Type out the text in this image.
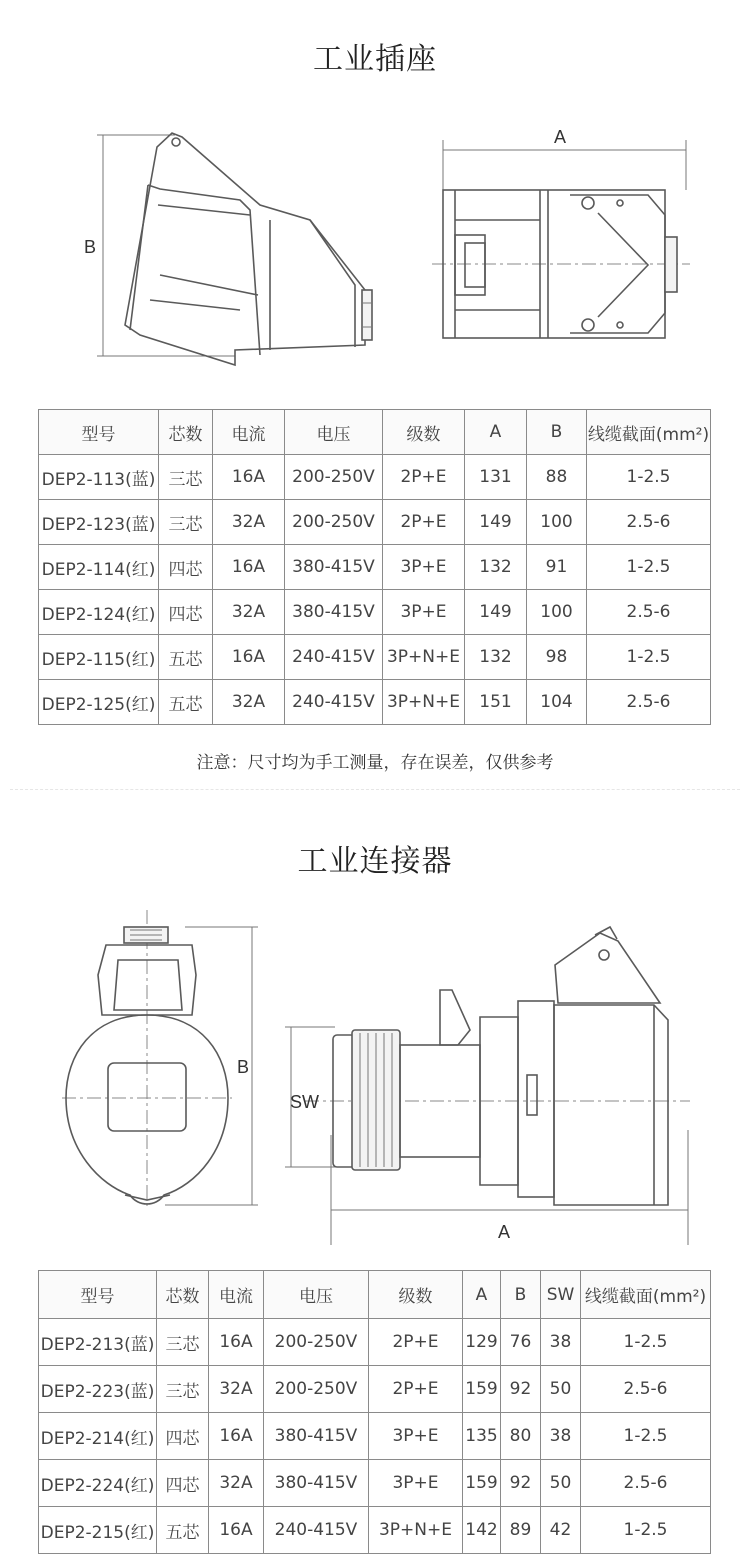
工业插座
B
A
型号	芯数	电流	电压	级数	A	B	线缆截面(mm²)
DEP2-113(蓝)	三芯	16A	200-250V	2P+E	131	88	1-2.5
DEP2-123(蓝)	三芯	32A	200-250V	2P+E	149	100	2.5-6
DEP2-114(红)	四芯	16A	380-415V	3P+E	132	91	1-2.5
DEP2-124(红)	四芯	32A	380-415V	3P+E	149	100	2.5-6
DEP2-115(红)	五芯	16A	240-415V	3P+N+E	132	98	1-2.5
DEP2-125(红)	五芯	32A	240-415V	3P+N+E	151	104	2.5-6
注意：尺寸均为手工测量，存在误差，仅供参考
工业连接器
B
SW
A
型号	芯数	电流	电压	级数	A	B	SW	线缆截面(mm²)
DEP2-213(蓝)	三芯	16A	200-250V	2P+E	129	76	38	1-2.5
DEP2-223(蓝)	三芯	32A	200-250V	2P+E	159	92	50	2.5-6
DEP2-214(红)	四芯	16A	380-415V	3P+E	135	80	38	1-2.5
DEP2-224(红)	四芯	32A	380-415V	3P+E	159	92	50	2.5-6
DEP2-215(红)	五芯	16A	240-415V	3P+N+E	142	89	42	1-2.5
